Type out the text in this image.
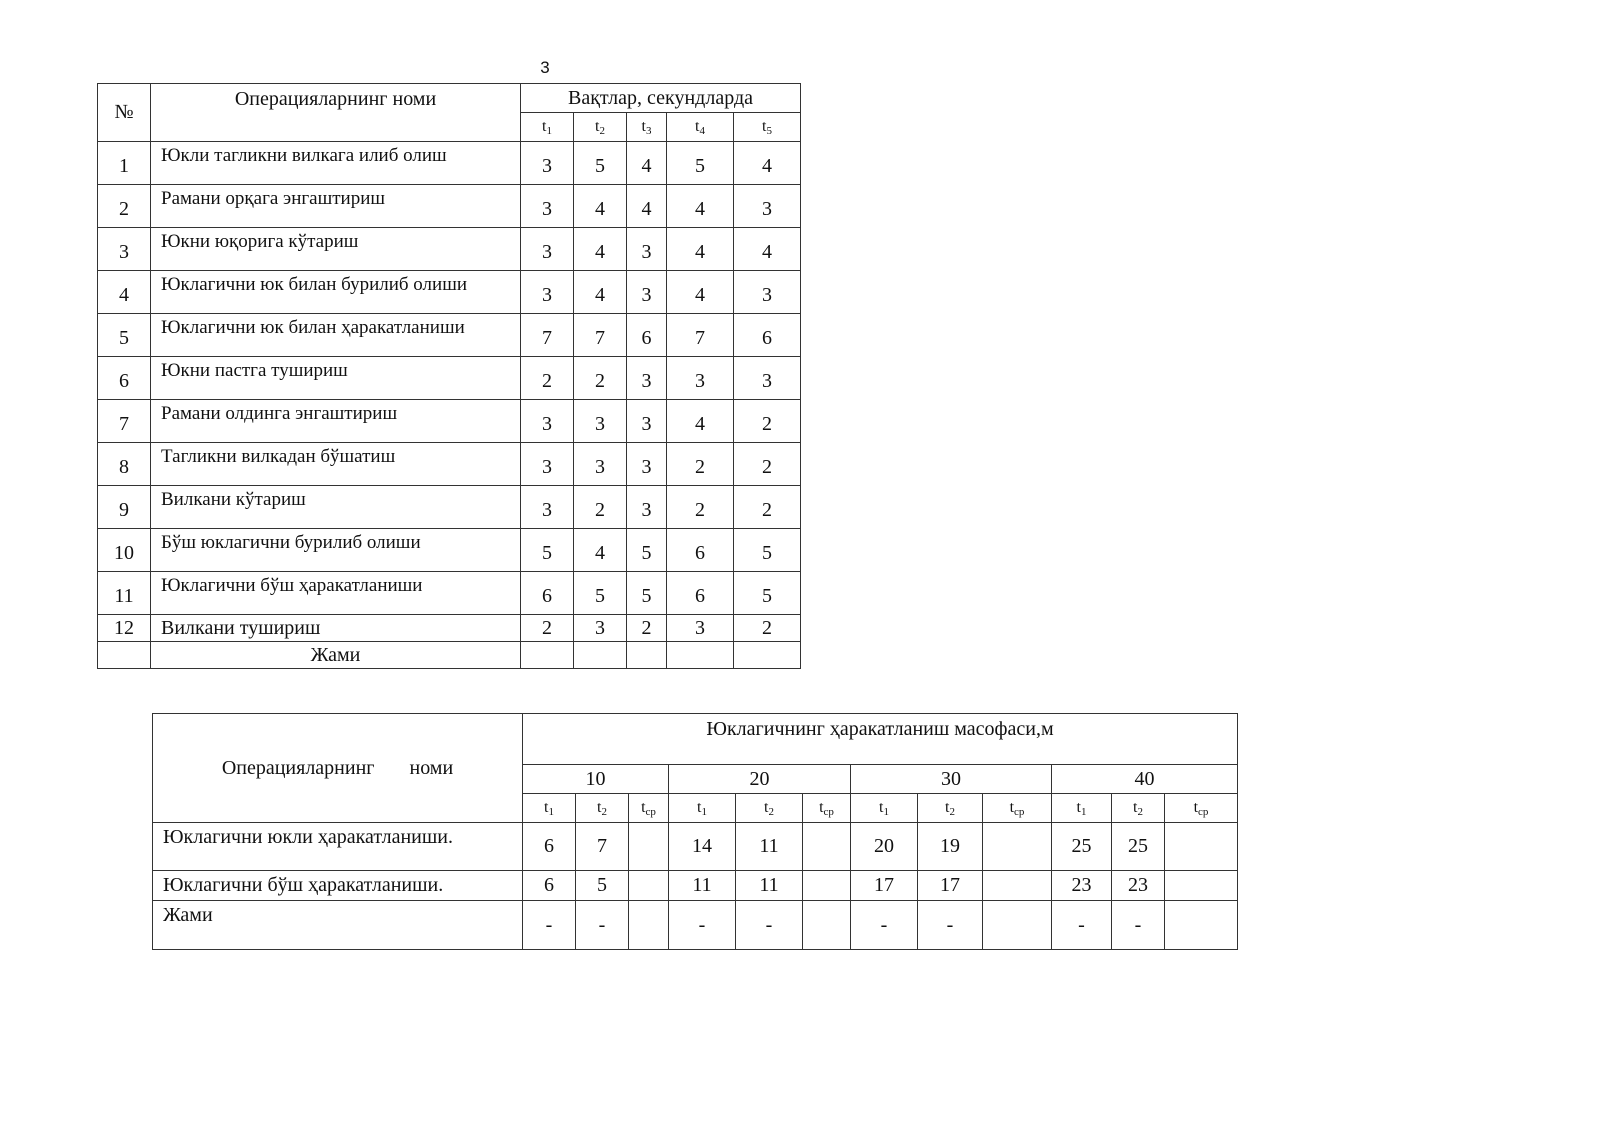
3
№	Операцияларнинг номи	Вақтлар, секундларда				
		t1	t2	t3	t4	t5
1	Юкли тагликни вилкага илиб олиш	3	5	4	5	4
2	Рамани орқага энгаштириш	3	4	4	4	3
3	Юкни юқорига кўтариш	3	4	3	4	4
4	Юклагични юк билан бурилиб олиши	3	4	3	4	3
5	Юклагични юк билан ҳаракатланиши	7	7	6	7	6
6	Юкни пастга тушириш	2	2	3	3	3
7	Рамани олдинга энгаштириш	3	3	3	4	2
8	Тагликни вилкадан бўшатиш	3	3	3	2	2
9	Вилкани кўтариш	3	2	3	2	2
10	Бўш юклагични бурилиб олиши	5	4	5	6	5
11	Юклагични бўш ҳаракатланиши	6	5	5	6	5
12	Вилкани тушириш	2	3	2	3	2
	Жами					
Операцияларнинг номи	Юклагичнинг ҳаракатланиш масофаси,м											
	10			20			30			40		
	t1	t2	tср	t1	t2	tср	t1	t2	tср	t1	t2	tср
Юклагични юкли ҳаракатланиши.	6	7		14	11		20	19		25	25	
Юклагични бўш ҳаракатланиши.	6	5		11	11		17	17		23	23	
Жами	-	-		-	-		-	-		-	-	
